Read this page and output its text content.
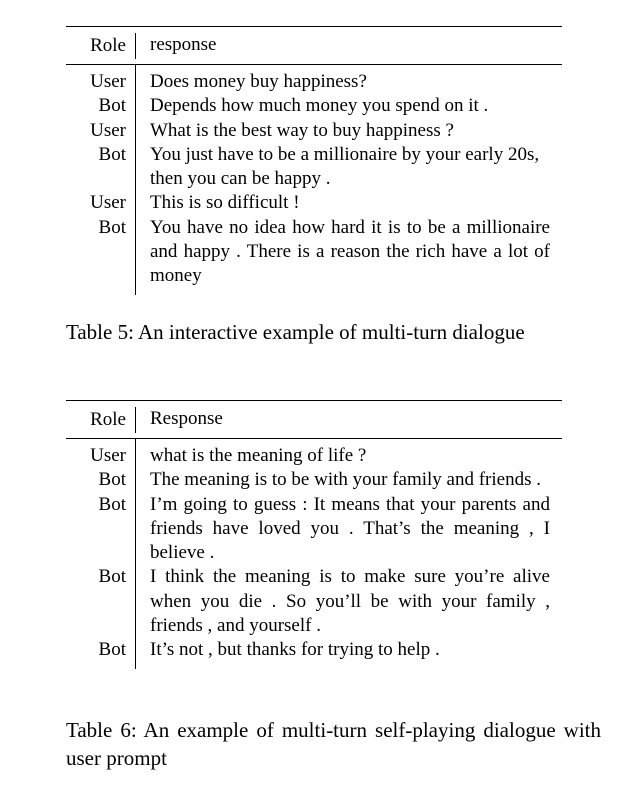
Role	response
User	Does money buy happiness?
Bot	Depends how much money you spend on it .
User	What is the best way to buy happiness ?
Bot	You just have to be a millionaire by your early 20s, then you can be happy .
User	This is so difficult !
Bot	You have no idea how hard it is to be a millionaire and happy . There is a reason the rich have a lot of money
Table 5: An interactive example of multi-turn dialogue
Role	Response
User	what is the meaning of life ?
Bot	The meaning is to be with your family and friends .
Bot	I’m going to guess : It means that your parents and friends have loved you . That’s the meaning , I believe .
Bot	I think the meaning is to make sure you’re alive when you die . So you’ll be with your family , friends , and yourself .
Bot	It’s not , but thanks for trying to help .
Table 6: An example of multi-turn self-playing dialogue with user prompt
